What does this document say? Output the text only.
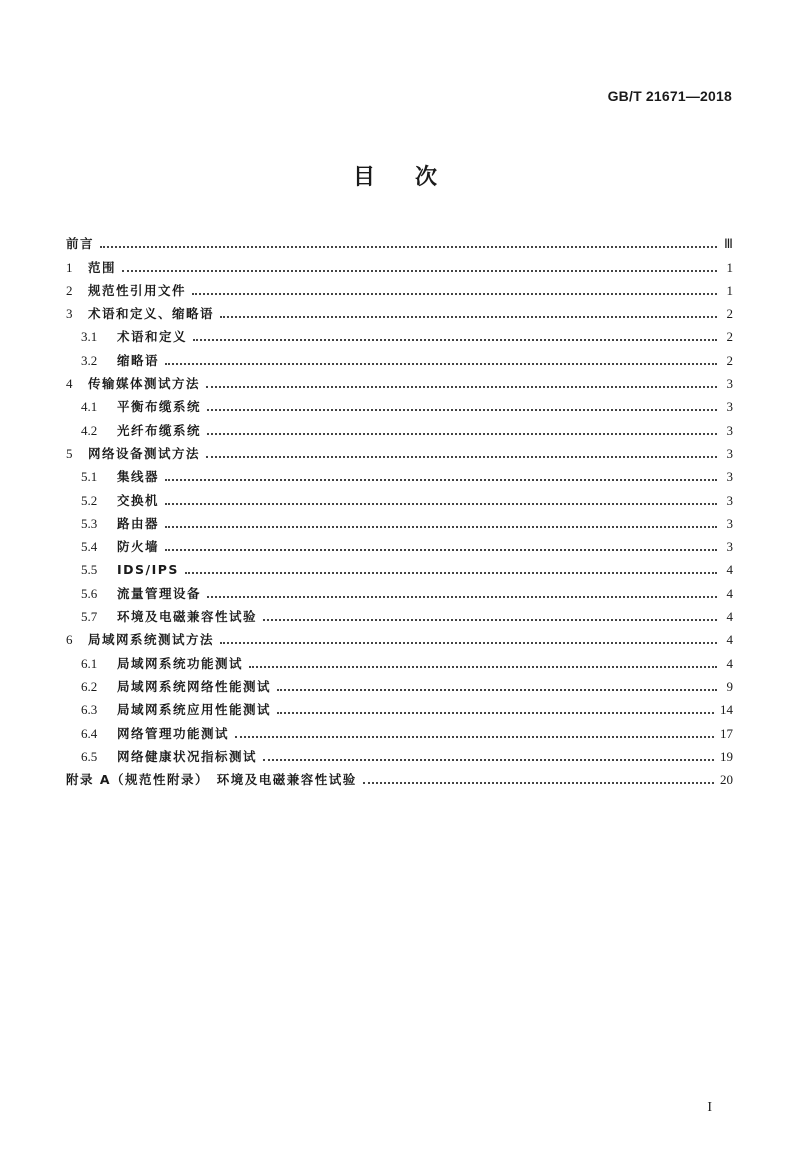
GB/T 21671—2018
目 次
前言	Ⅲ
1	范围	1
2	规范性引用文件	1
3	术语和定义、缩略语	2
3.1	术语和定义	2
3.2	缩略语	2
4	传输媒体测试方法	3
4.1	平衡布缆系统	3
4.2	光纤布缆系统	3
5	网络设备测试方法	3
5.1	集线器	3
5.2	交换机	3
5.3	路由器	3
5.4	防火墙	3
5.5	IDS/IPS	4
5.6	流量管理设备	4
5.7	环境及电磁兼容性试验	4
6	局域网系统测试方法	4
6.1	局域网系统功能测试	4
6.2	局域网系统网络性能测试	9
6.3	局域网系统应用性能测试	14
6.4	网络管理功能测试	17
6.5	网络健康状况指标测试	19
附录 A（规范性附录）　环境及电磁兼容性试验	20
I
